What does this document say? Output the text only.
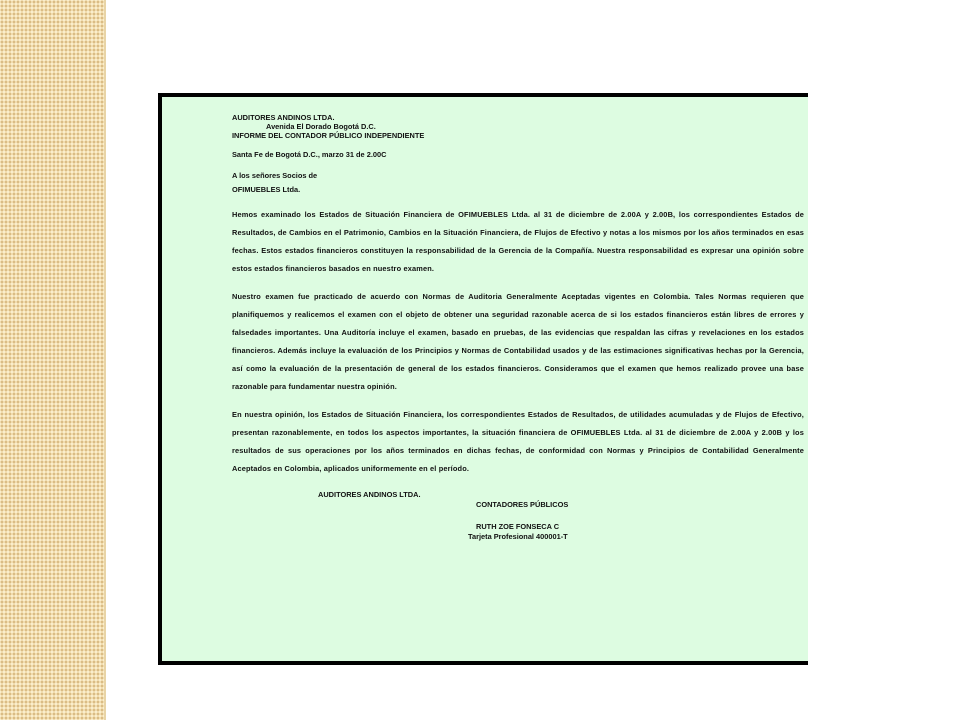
AUDITORES ANDINOS LTDA.
Avenida El Dorado Bogotá D.C.
INFORME DEL CONTADOR PÚBLICO INDEPENDIENTE
Santa Fe de Bogotá D.C., marzo 31 de 2.00C
A los señores Socios de
OFIMUEBLES Ltda.
Hemos examinado los Estados de Situación Financiera de OFIMUEBLES Ltda. al 31 de diciembre de 2.00A y 2.00B, los correspondientes Estados de Resultados, de Cambios en el Patrimonio, Cambios en la Situación Financiera, de Flujos de Efectivo y notas a los mismos por los años terminados en esas fechas. Estos estados financieros constituyen la responsabilidad de la Gerencia de la Compañía. Nuestra responsabilidad es expresar una opinión sobre estos estados financieros basados en nuestro examen.
Nuestro examen fue practicado de acuerdo con Normas de Auditoria Generalmente Aceptadas vigentes en Colombia. Tales Normas requieren que planifiquemos y realicemos el examen con el objeto de obtener una seguridad razonable acerca de si los estados financieros están libres de errores y falsedades importantes. Una Auditoría incluye el examen, basado en pruebas, de las evidencias que respaldan las cifras y revelaciones en los estados financieros. Además incluye la evaluación de los Principios y Normas de Contabilidad usados y de las estimaciones significativas hechas por la Gerencia, así como la evaluación de la presentación de general de los estados financieros. Consideramos que el examen que hemos realizado provee una base razonable para fundamentar nuestra opinión.
En nuestra opinión, los Estados de Situación Financiera, los correspondientes Estados de Resultados, de utilidades acumuladas y de Flujos de Efectivo, presentan razonablemente, en todos los aspectos importantes, la situación financiera de OFIMUEBLES Ltda. al 31 de diciembre de 2.00A y 2.00B y los resultados de sus operaciones por los años terminados en dichas fechas, de conformidad con Normas y Principios de Contabilidad Generalmente Aceptados en Colombia, aplicados uniformemente en el período.
AUDITORES ANDINOS LTDA.
CONTADORES PÚBLICOS
RUTH ZOE FONSECA C
Tarjeta Profesional 400001-T
